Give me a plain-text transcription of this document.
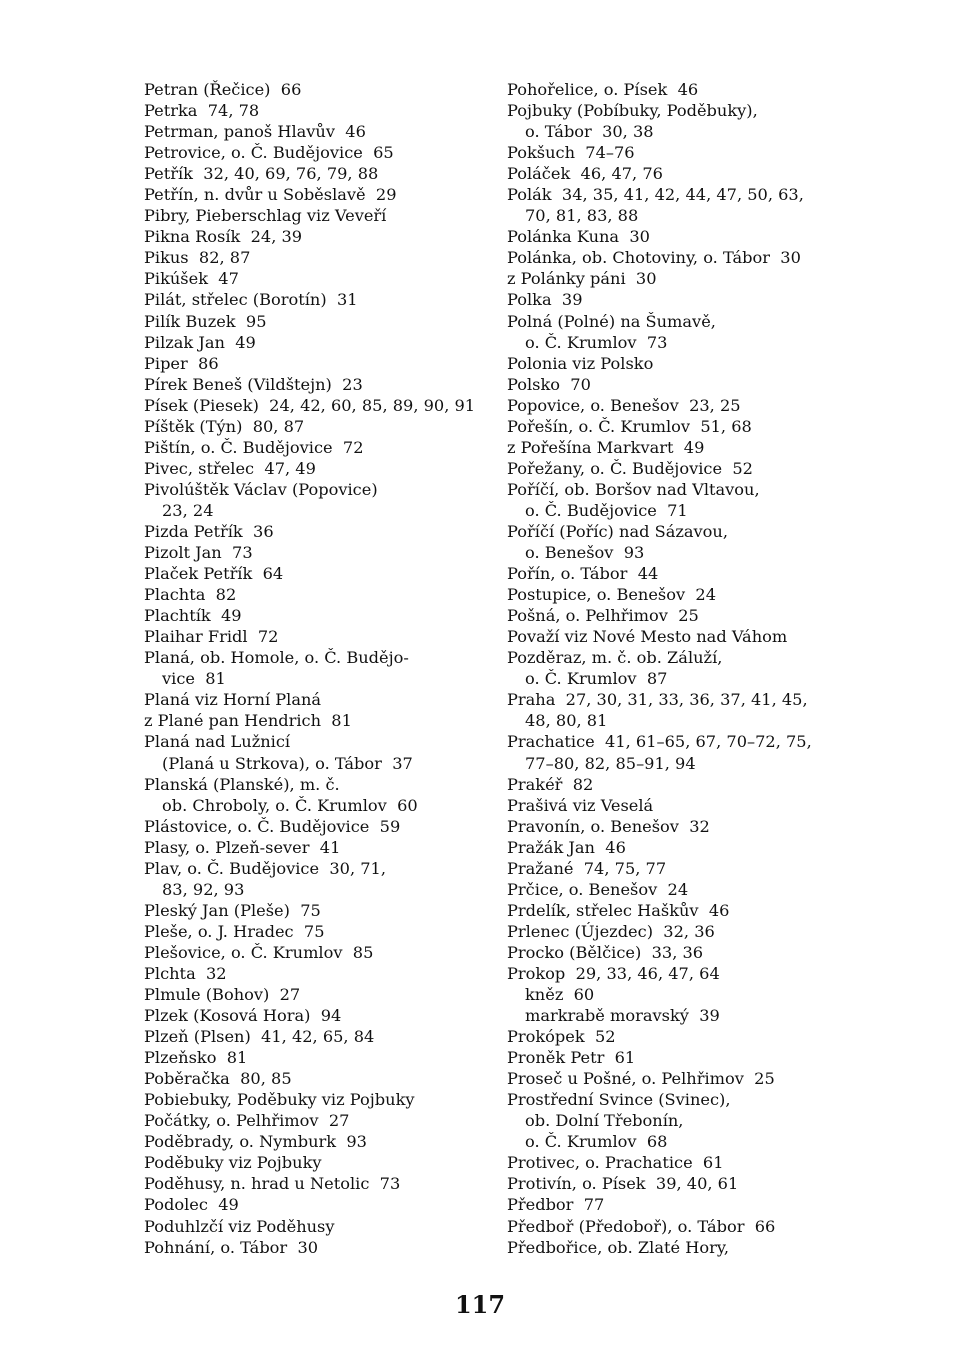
Petran (Řečice)  66
Petrka  74, 78
Petrman, panoš Hlavův  46
Petrovice, o. Č. Budějovice  65
Petřík  32, 40, 69, 76, 79, 88
Petřín, n. dvůr u Soběslavě  29
Pibry, Pieberschlag viz Veveří
Pikna Rosík  24, 39
Pikus  82, 87
Pikúšek  47
Pilát, střelec (Borotín)  31
Pilík Buzek  95
Pilzak Jan  49
Piper  86
Pírek Beneš (Vildštejn)  23
Písek (Piesek)  24, 42, 60, 85, 89, 90, 91
Píštěk (Týn)  80, 87
Pištín, o. Č. Budějovice  72
Pivec, střelec  47, 49
Pivolúštěk Václav (Popovice)
23, 24
Pizda Petřík  36
Pizolt Jan  73
Plaček Petřík  64
Plachta  82
Plachtík  49
Plaihar Fridl  72
Planá, ob. Homole, o. Č. Budějo-
vice  81
Planá viz Horní Planá
z Plané pan Hendrich  81
Planá nad Lužnicí
(Planá u Strkova), o. Tábor  37
Planská (Planské), m. č.
ob. Chroboly, o. Č. Krumlov  60
Plástovice, o. Č. Budějovice  59
Plasy, o. Plzeň-sever  41
Plav, o. Č. Budějovice  30, 71,
83, 92, 93
Pleský Jan (Pleše)  75
Pleše, o. J. Hradec  75
Plešovice, o. Č. Krumlov  85
Plchta  32
Plmule (Bohov)  27
Plzek (Kosová Hora)  94
Plzeň (Plsen)  41, 42, 65, 84
Plzeňsko  81
Poběračka  80, 85
Pobiebuky, Poděbuky viz Pojbuky
Počátky, o. Pelhřimov  27
Poděbrady, o. Nymburk  93
Poděbuky viz Pojbuky
Poděhusy, n. hrad u Netolic  73
Podolec  49
Poduhlzčí viz Poděhusy
Pohnání, o. Tábor  30
Pohořelice, o. Písek  46
Pojbuky (Pobíbuky, Poděbuky),
o. Tábor  30, 38
Pokšuch  74–76
Poláček  46, 47, 76
Polák  34, 35, 41, 42, 44, 47, 50, 63,
70, 81, 83, 88
Polánka Kuna  30
Polánka, ob. Chotoviny, o. Tábor  30
z Polánky páni  30
Polka  39
Polná (Polné) na Šumavě,
o. Č. Krumlov  73
Polonia viz Polsko
Polsko  70
Popovice, o. Benešov  23, 25
Pořešín, o. Č. Krumlov  51, 68
z Pořešína Markvart  49
Pořežany, o. Č. Budějovice  52
Poříčí, ob. Boršov nad Vltavou,
o. Č. Budějovice  71
Poříčí (Poříc) nad Sázavou,
o. Benešov  93
Pořín, o. Tábor  44
Postupice, o. Benešov  24
Pošná, o. Pelhřimov  25
Považí viz Nové Mesto nad Váhom
Pozděraz, m. č. ob. Záluží,
o. Č. Krumlov  87
Praha  27, 30, 31, 33, 36, 37, 41, 45,
48, 80, 81
Prachatice  41, 61–65, 67, 70–72, 75,
77–80, 82, 85–91, 94
Prakéř  82
Prašivá viz Veselá
Pravonín, o. Benešov  32
Pražák Jan  46
Pražané  74, 75, 77
Prčice, o. Benešov  24
Prdelík, střelec Haškův  46
Prlenec (Újezdec)  32, 36
Procko (Bělčice)  33, 36
Prokop  29, 33, 46, 47, 64
kněz  60
markrabě moravský  39
Prokópek  52
Proněk Petr  61
Proseč u Pošné, o. Pelhřimov  25
Prostřední Svince (Svinec),
ob. Dolní Třebonín,
o. Č. Krumlov  68
Protivec, o. Prachatice  61
Protivín, o. Písek  39, 40, 61
Předbor  77
Předboř (Předoboř), o. Tábor  66
Předbořice, ob. Zlaté Hory,
117
